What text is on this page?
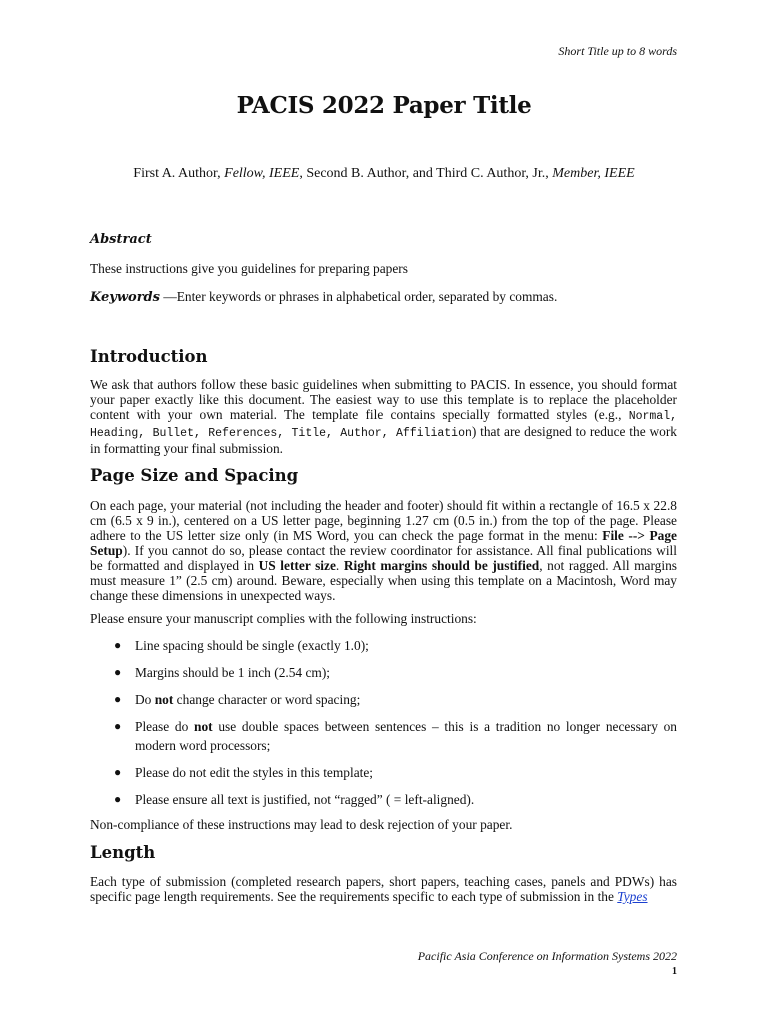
Short Title up to 8 words
PACIS 2022 Paper Title
First A. Author, Fellow, IEEE, Second B. Author, and Third C. Author, Jr., Member, IEEE

Abstract

These instructions give you guidelines for preparing papers

Keywords —Enter keywords or phrases in alphabetical order, separated by commas.

Introduction

We ask that authors follow these basic guidelines when submitting to PACIS. In essence, you should format your paper exactly like this document. The easiest way to use this template is to replace the placeholder content with your own material. The template file contains specially formatted styles (e.g., Normal, Heading, Bullet, References, Title, Author, Affiliation) that are designed to reduce the work in formatting your final submission.

Page Size and Spacing

On each page, your material (not including the header and footer) should fit within a rectangle of 16.5 x 22.8 cm (6.5 x 9 in.), centered on a US letter page, beginning 1.27 cm (0.5 in.) from the top of the page. Please adhere to the US letter size only (in MS Word, you can check the page format in the menu: File --> Page Setup). If you cannot do so, please contact the review coordinator for assistance. All final publications will be formatted and displayed in US letter size. Right margins should be justified, not ragged. All margins must measure 1” (2.5 cm) around. Beware, especially when using this template on a Macintosh, Word may change these dimensions in unexpected ways.

Please ensure your manuscript complies with the following instructions:

● Line spacing should be single (exactly 1.0);
● Margins should be 1 inch (2.54 cm);
● Do not change character or word spacing;
● Please do not use double spaces between sentences – this is a tradition no longer necessary on modern word processors;
● Please do not edit the styles in this template;
● Please ensure all text is justified, not “ragged” ( = left-aligned).

Non-compliance of these instructions may lead to desk rejection of your paper.

Length

Each type of submission (completed research papers, short papers, teaching cases, panels and PDWs) has specific page length requirements. See the requirements specific to each type of submission in the Types

Pacific Asia Conference on Information Systems 2022
1
